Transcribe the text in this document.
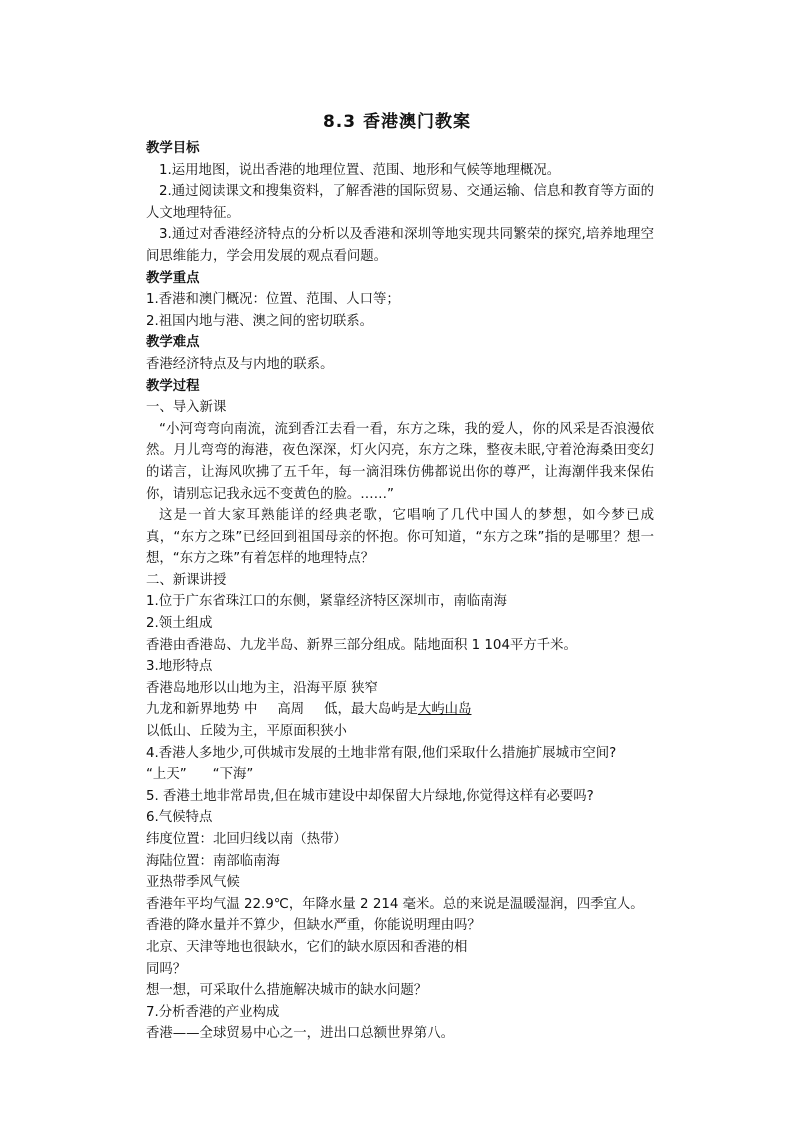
8.3 香港澳门教案

教学目标

1.运用地图，说出香港的地理位置、范围、地形和气候等地理概况。

2.通过阅读课文和搜集资料，了解香港的国际贸易、交通运输、信息和教育等方面的人文地理特征。

3.通过对香港经济特点的分析以及香港和深圳等地实现共同繁荣的探究,培养地理空间思维能力，学会用发展的观点看问题。

教学重点

1.香港和澳门概况：位置、范围、人口等；

2.祖国内地与港、澳之间的密切联系。

教学难点

香港经济特点及与内地的联系。

教学过程

一、导入新课

“小河弯弯向南流，流到香江去看一看，东方之珠，我的爱人，你的风采是否浪漫依然。月儿弯弯的海港，夜色深深，灯火闪亮，东方之珠，整夜未眠,守着沧海桑田变幻的诺言，让海风吹拂了五千年，每一滴泪珠仿佛都说出你的尊严，让海潮伴我来保佑你，请别忘记我永远不变黄色的脸。……”

这是一首大家耳熟能详的经典老歌，它唱响了几代中国人的梦想，如今梦已成真，“东方之珠”已经回到祖国母亲的怀抱。你可知道，“东方之珠”指的是哪里？想一想，“东方之珠”有着怎样的地理特点？

二、新课讲授

1.位于广东省珠江口的东侧，紧靠经济特区深圳市，南临南海

2.领土组成

香港由香港岛、九龙半岛、新界三部分组成。陆地面积 1 104平方千米。

3.地形特点

香港岛地形以山地为主，沿海平原 狭窄

九龙和新界地势 中 高周 低，最大岛屿是大屿山岛

以低山、丘陵为主，平原面积狭小

4.香港人多地少,可供城市发展的土地非常有限,他们采取什么措施扩展城市空间?

“上天” “下海”

5. 香港土地非常昂贵,但在城市建设中却保留大片绿地,你觉得这样有必要吗?

6.气候特点

纬度位置：北回归线以南（热带）

海陆位置：南部临南海

亚热带季风气候

香港年平均气温 22.9℃，年降水量 2 214 毫米。总的来说是温暖湿润，四季宜人。

香港的降水量并不算少，但缺水严重，你能说明理由吗？

北京、天津等地也很缺水，它们的缺水原因和香港的相

同吗？

想一想，可采取什么措施解决城市的缺水问题？

7.分析香港的产业构成

香港——全球贸易中心之一，进出口总额世界第八。
